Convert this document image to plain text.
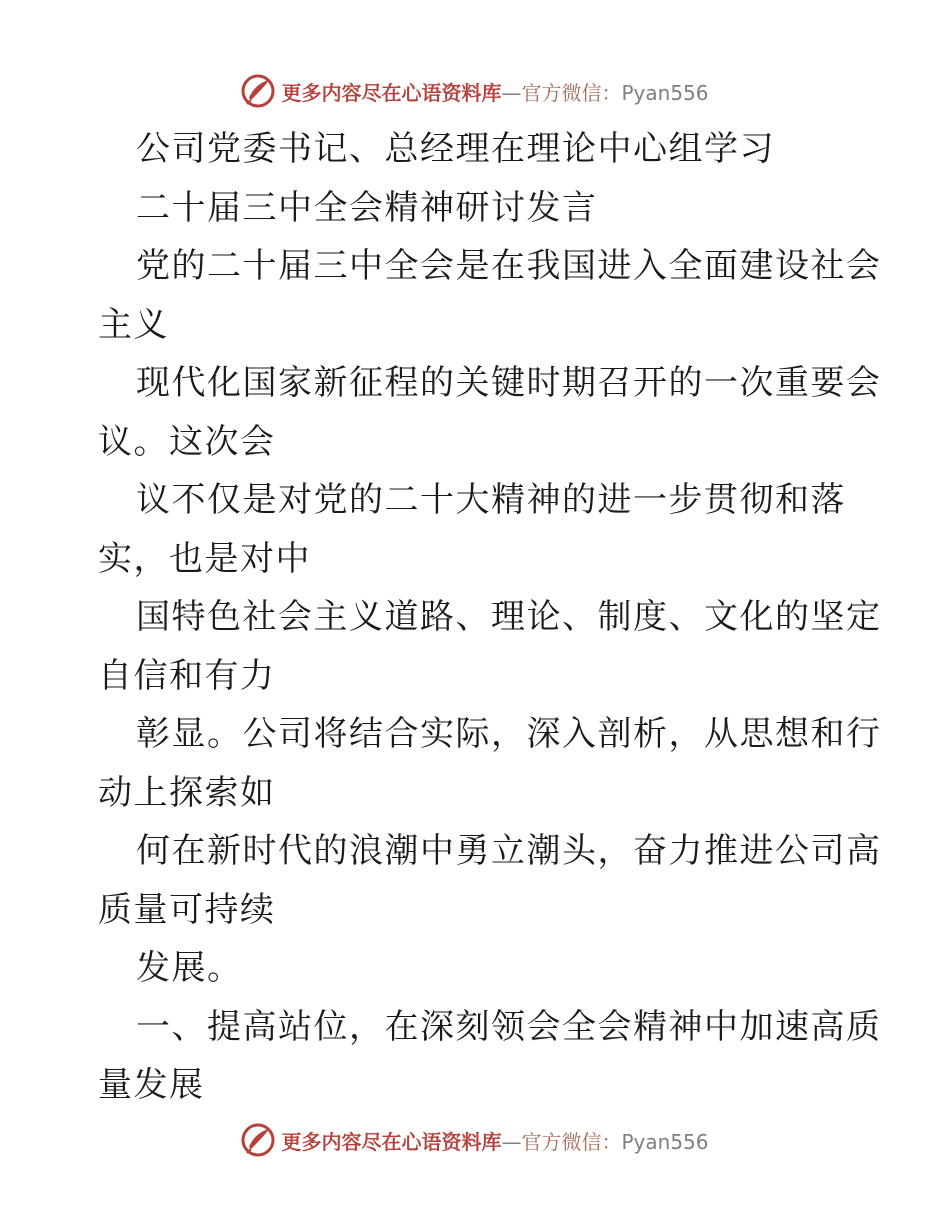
更多内容尽在心语资料库—官方微信：Pyan556
公司党委书记、总经理在理论中心组学习
二十届三中全会精神研讨发言
党的二十届三中全会是在我国进入全面建设社会
主义
现代化国家新征程的关键时期召开的一次重要会
议。这次会
议不仅是对党的二十大精神的进一步贯彻和落
实，也是对中
国特色社会主义道路、理论、制度、文化的坚定
自信和有力
彰显。公司将结合实际，深入剖析，从思想和行
动上探索如
何在新时代的浪潮中勇立潮头，奋力推进公司高
质量可持续
发展。
一、提高站位，在深刻领会全会精神中加速高质
量发展
更多内容尽在心语资料库—官方微信：Pyan556
